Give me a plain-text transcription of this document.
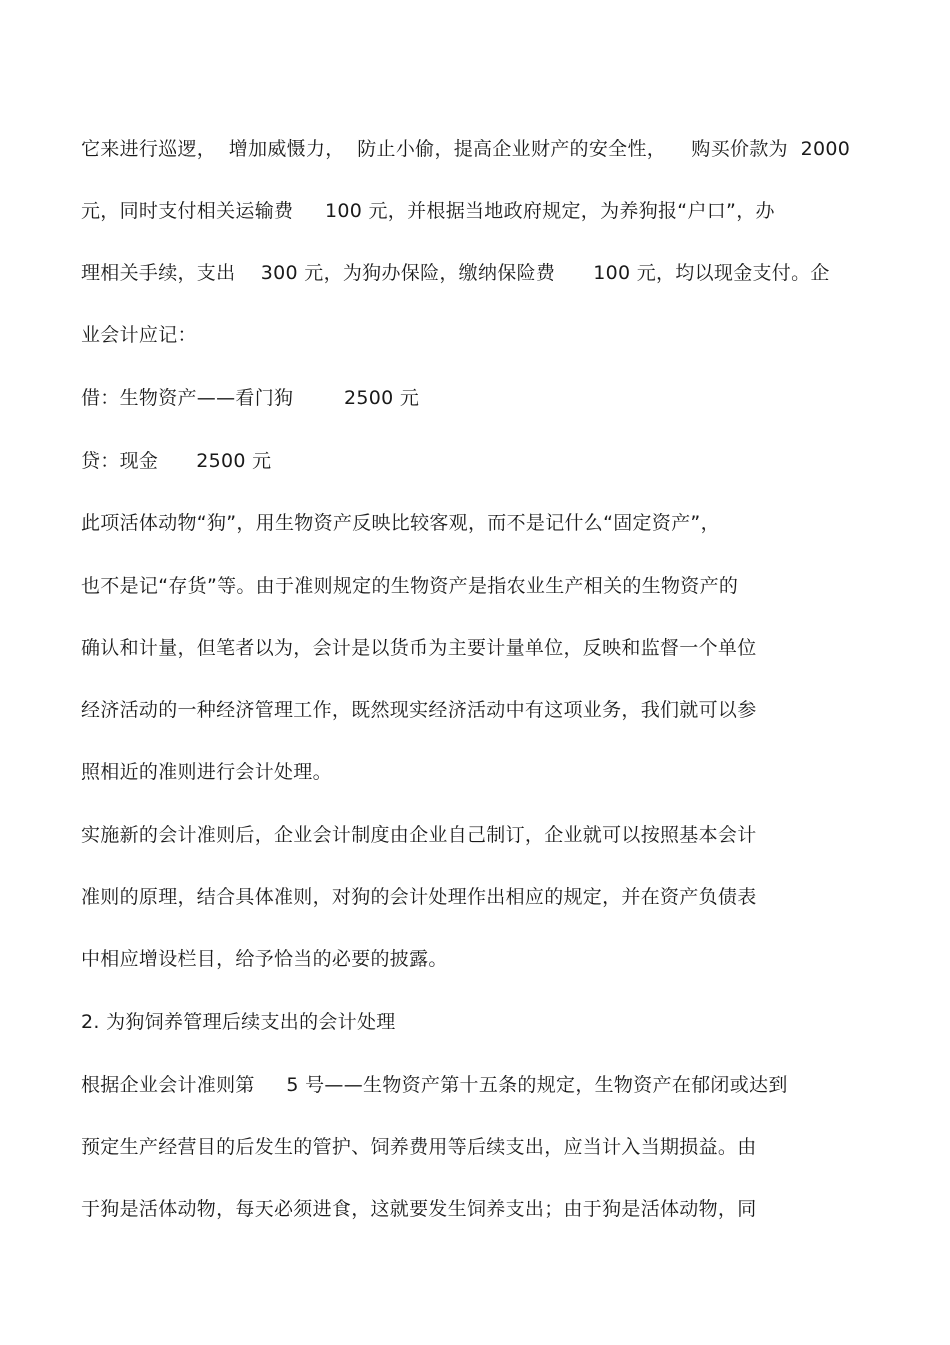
它来进行巡逻，  增加威慑力，  防止小偷，提高企业财产的安全性，    购买价款为  2000
元，同时支付相关运输费     100 元，并根据当地政府规定，为养狗报“户口”，办
理相关手续，支出    300 元，为狗办保险，缴纳保险费      100 元，均以现金支付。企
业会计应记：
借：生物资产——看门狗        2500 元
贷：现金      2500 元
此项活体动物“狗”，用生物资产反映比较客观，而不是记什么“固定资产”，
也不是记“存货”等。由于准则规定的生物资产是指农业生产相关的生物资产的
确认和计量，但笔者以为，会计是以货币为主要计量单位，反映和监督一个单位
经济活动的一种经济管理工作，既然现实经济活动中有这项业务，我们就可以参
照相近的准则进行会计处理。
实施新的会计准则后，企业会计制度由企业自己制订，企业就可以按照基本会计
准则的原理，结合具体准则，对狗的会计处理作出相应的规定，并在资产负债表
中相应增设栏目，给予恰当的必要的披露。
2. 为狗饲养管理后续支出的会计处理
根据企业会计准则第     5 号——生物资产第十五条的规定，生物资产在郁闭或达到
预定生产经营目的后发生的管护、饲养费用等后续支出，应当计入当期损益。由
于狗是活体动物，每天必须进食，这就要发生饲养支出；由于狗是活体动物，同
